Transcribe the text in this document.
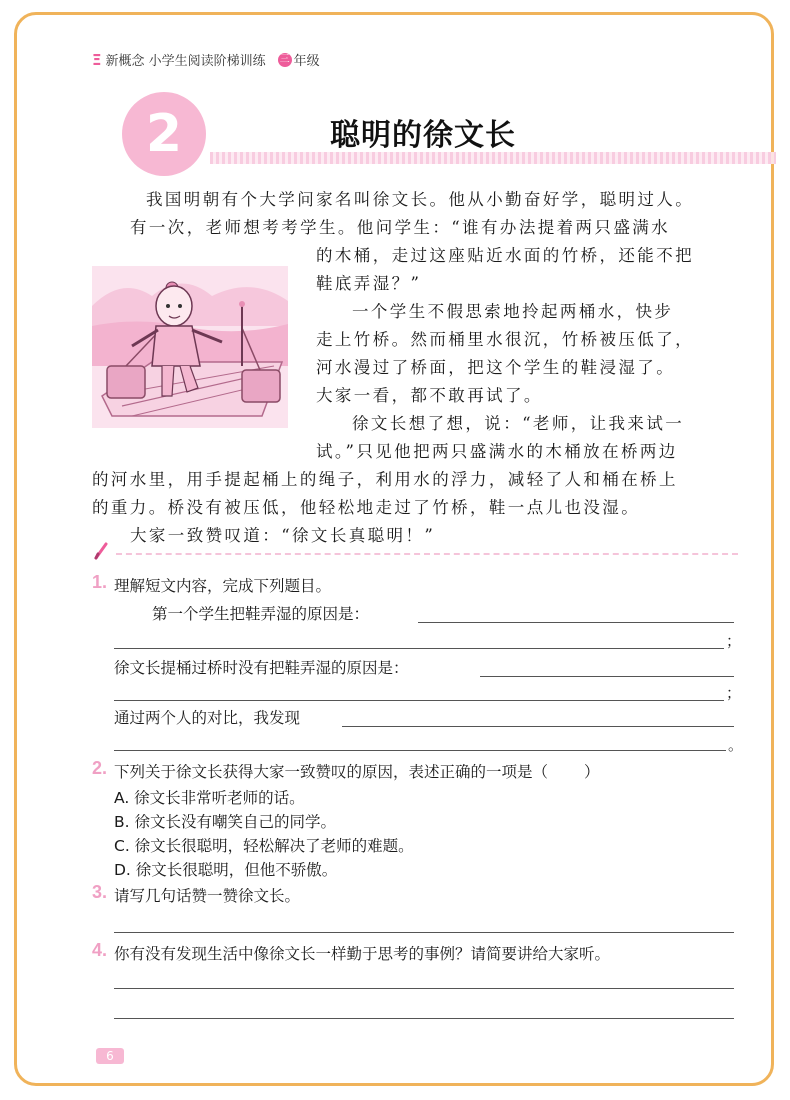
Ξ 新概念 小学生阅读阶梯训练 三 年级
2	聪明的徐文长

我国明朝有个大学问家名叫徐文长。他从小勤奋好学，聪明过人。

有一次，老师想考考学生。他问学生：“谁有办法提着两只盛满水

的木桶，走过这座贴近水面的竹桥，还能不把

鞋底弄湿？”

一个学生不假思索地拎起两桶水，快步

走上竹桥。然而桶里水很沉，竹桥被压低了，

河水漫过了桥面，把这个学生的鞋浸湿了。

大家一看，都不敢再试了。

徐文长想了想，说：“老师，让我来试一

试。”只见他把两只盛满水的木桶放在桥两边

的河水里，用手提起桶上的绳子，利用水的浮力，减轻了人和桶在桥上

的重力。桥没有被压低，他轻松地走过了竹桥，鞋一点儿也没湿。

大家一致赞叹道：“徐文长真聪明！”

1. 理解短文内容，完成下列题目。
第一个学生把鞋弄湿的原因是：
；
徐文长提桶过桥时没有把鞋弄湿的原因是：
；
通过两个人的对比，我发现
。
2. 下列关于徐文长获得大家一致赞叹的原因，表述正确的一项是（ ）
A. 徐文长非常听老师的话。
B. 徐文长没有嘲笑自己的同学。
C. 徐文长很聪明，轻松解决了老师的难题。
D. 徐文长很聪明，但他不骄傲。
3. 请写几句话赞一赞徐文长。
4. 你有没有发现生活中像徐文长一样勤于思考的事例？请简要讲给大家听。
6
